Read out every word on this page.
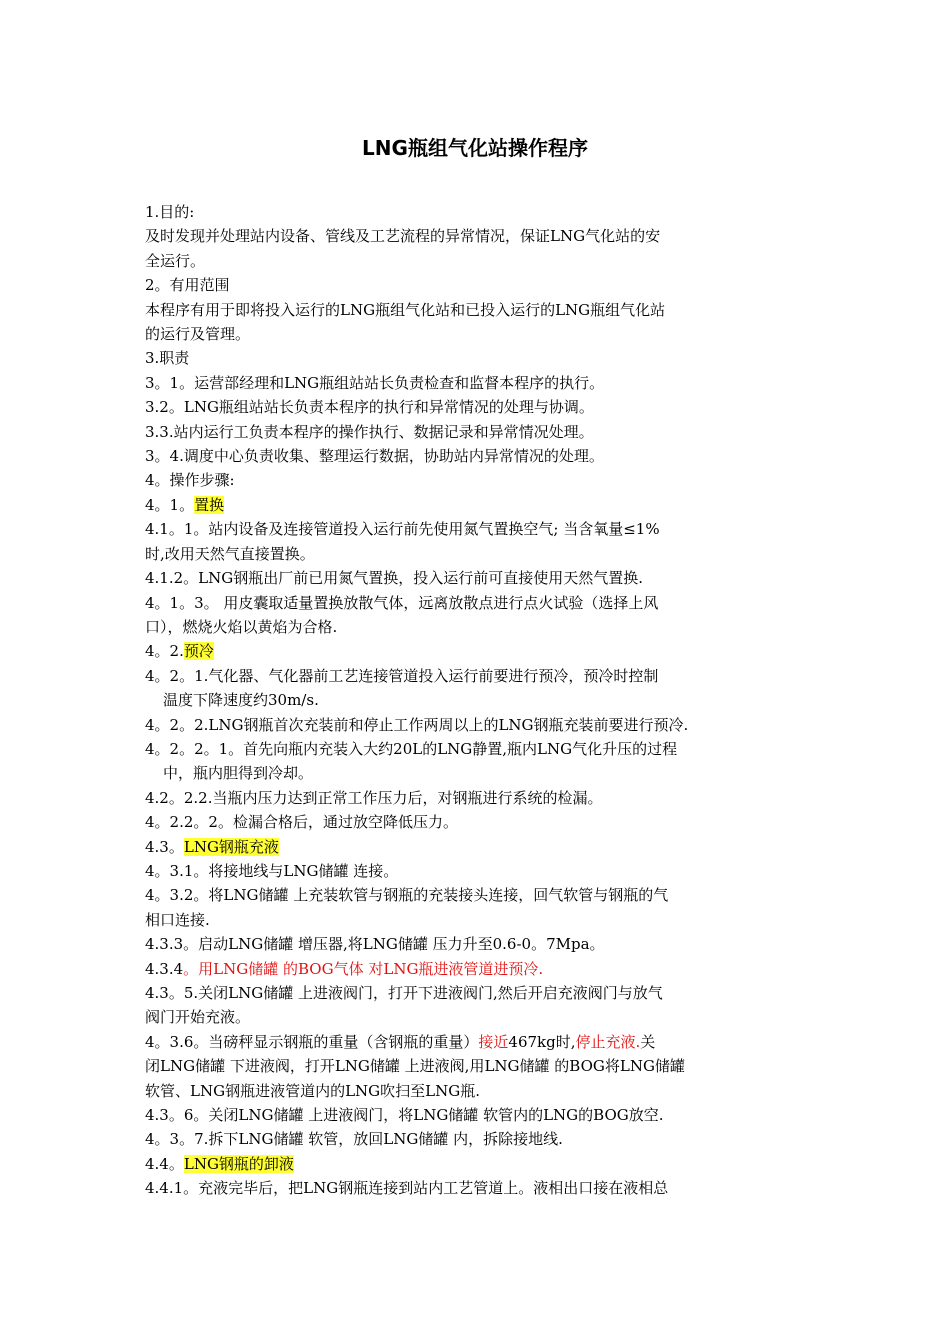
LNG瓶组气化站操作程序
1.目的:
及时发现并处理站内设备、管线及工艺流程的异常情况，保证LNG气化站的安
全运行。
2。有用范围
本程序有用于即将投入运行的LNG瓶组气化站和已投入运行的LNG瓶组气化站
的运行及管理。
3.职责
3。1。运营部经理和LNG瓶组站站长负责检查和监督本程序的执行。
3.2。LNG瓶组站站长负责本程序的执行和异常情况的处理与协调。
3.3.站内运行工负责本程序的操作执行、数据记录和异常情况处理。
3。4.调度中心负责收集、整理运行数据，协助站内异常情况的处理。
4。操作步骤:
4。1。置换
4.1。1。站内设备及连接管道投入运行前先使用氮气置换空气; 当含氧量≤1%
时,改用天然气直接置换。
4.1.2。LNG钢瓶出厂前已用氮气置换，投入运行前可直接使用天然气置换.
4。1。3。 用皮囊取适量置换放散气体，远离放散点进行点火试验（选择上风
口），燃烧火焰以黄焰为合格.
4。2.预冷
4。2。1.气化器、气化器前工艺连接管道投入运行前要进行预冷，预冷时控制
温度下降速度约30m/s.
4。2。2.LNG钢瓶首次充装前和停止工作两周以上的LNG钢瓶充装前要进行预冷.
4。2。2。1。首先向瓶内充装入大约20L的LNG静置,瓶内LNG气化升压的过程
中，瓶内胆得到冷却。
4.2。2.2.当瓶内压力达到正常工作压力后，对钢瓶进行系统的检漏。
4。2.2。2。检漏合格后，通过放空降低压力。
4.3。LNG钢瓶充液
4。3.1。将接地线与LNG储罐 连接。
4。3.2。将LNG储罐 上充装软管与钢瓶的充装接头连接，回气软管与钢瓶的气
相口连接.
4.3.3。启动LNG储罐 增压器,将LNG储罐 压力升至0.6-0。7Mpa。
4.3.4。用LNG储罐 的BOG气体 对LNG瓶进液管道进预冷.
4.3。5.关闭LNG储罐 上进液阀门，打开下进液阀门,然后开启充液阀门与放气
阀门开始充液。
4。3.6。当磅秤显示钢瓶的重量（含钢瓶的重量）接近467kg时,停止充液.关
闭LNG储罐 下进液阀，打开LNG储罐 上进液阀,用LNG储罐 的BOG将LNG储罐
软管、LNG钢瓶进液管道内的LNG吹扫至LNG瓶.
4.3。6。关闭LNG储罐 上进液阀门，将LNG储罐 软管内的LNG的BOG放空.
4。3。7.拆下LNG储罐 软管，放回LNG储罐 内，拆除接地线.
4.4。LNG钢瓶的卸液
4.4.1。充液完毕后，把LNG钢瓶连接到站内工艺管道上。液相出口接在液相总
